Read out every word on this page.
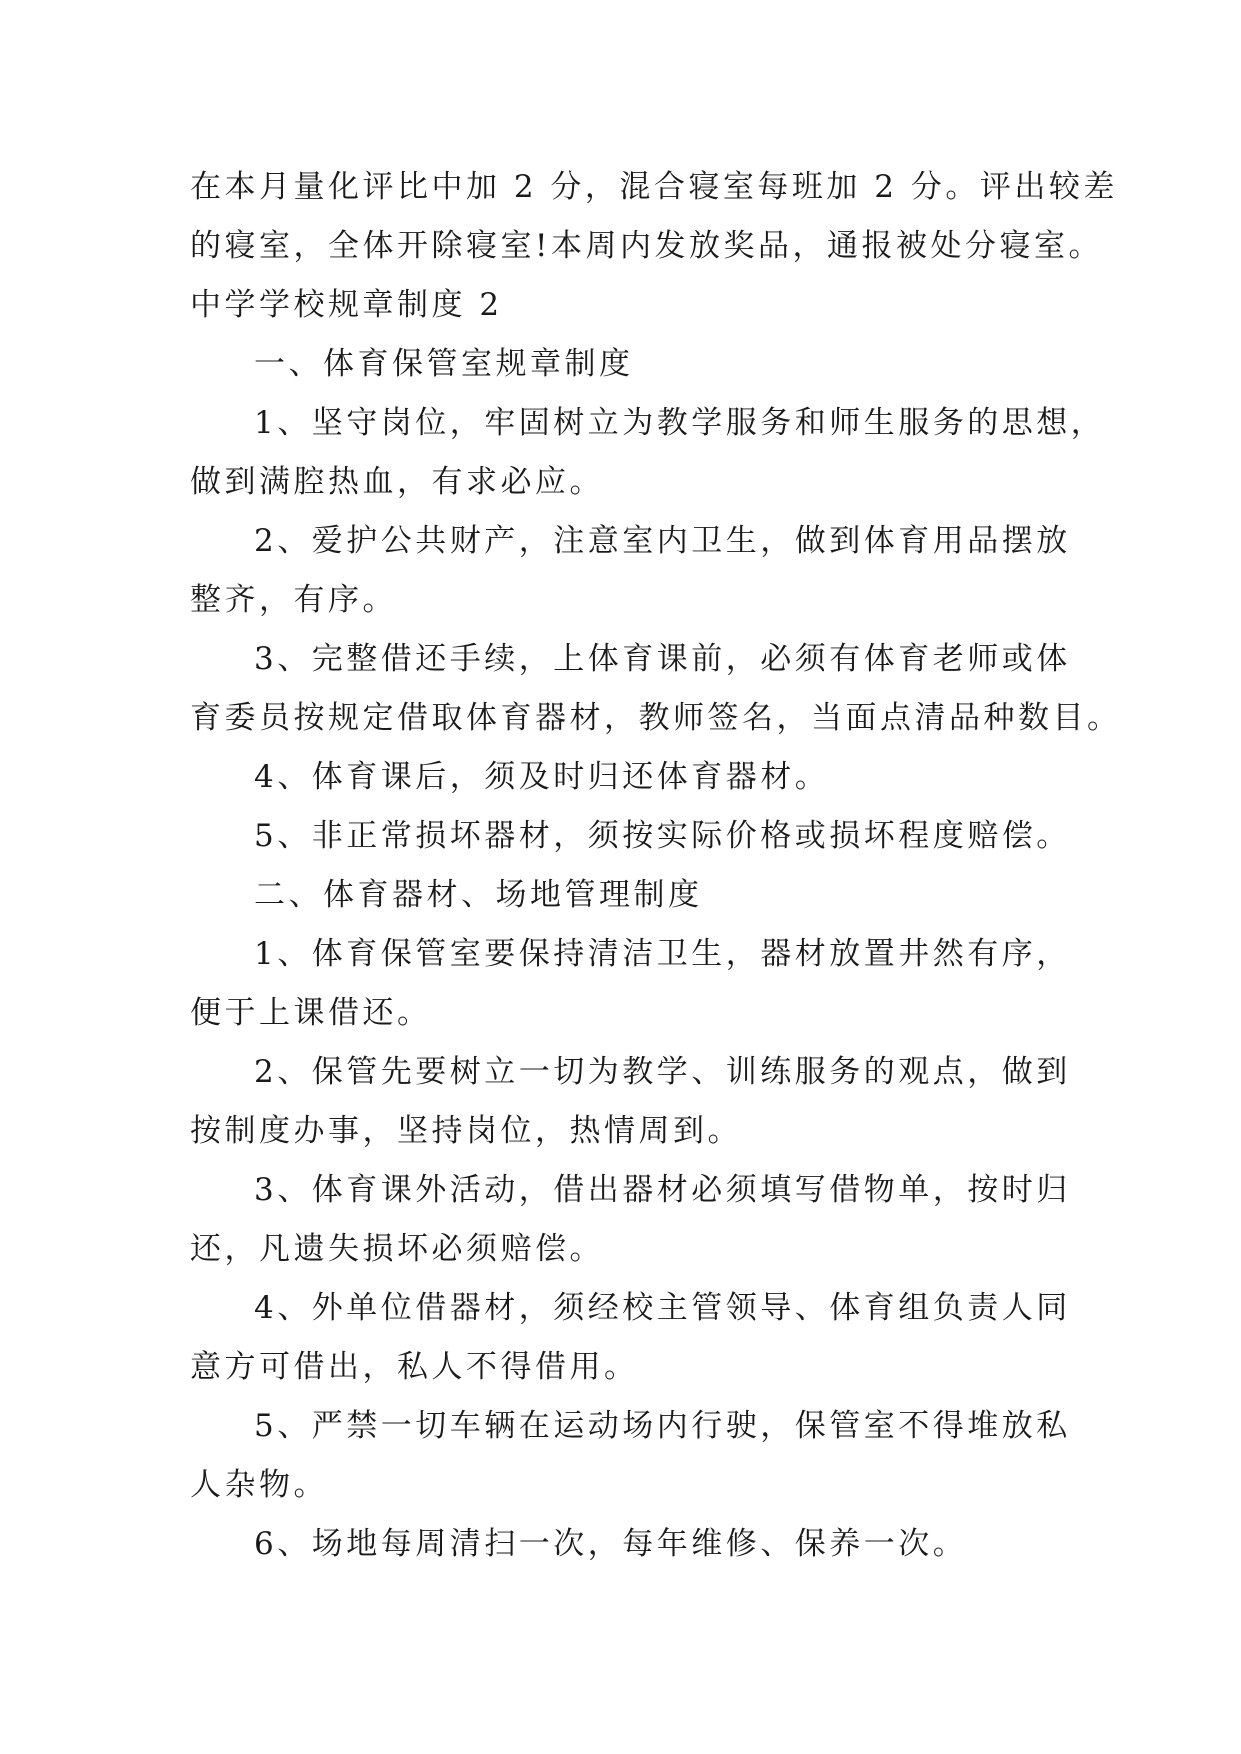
在本月量化评比中加 2 分，混合寝室每班加 2 分。评出较差
的寝室，全体开除寝室!本周内发放奖品，通报被处分寝室。
中学学校规章制度 2
一、体育保管室规章制度
1、坚守岗位，牢固树立为教学服务和师生服务的思想，
做到满腔热血，有求必应。
2、爱护公共财产，注意室内卫生，做到体育用品摆放
整齐，有序。
3、完整借还手续，上体育课前，必须有体育老师或体
育委员按规定借取体育器材，教师签名，当面点清品种数目。
4、体育课后，须及时归还体育器材。
5、非正常损坏器材，须按实际价格或损坏程度赔偿。
二、体育器材、场地管理制度
1、体育保管室要保持清洁卫生，器材放置井然有序，
便于上课借还。
2、保管先要树立一切为教学、训练服务的观点，做到
按制度办事，坚持岗位，热情周到。
3、体育课外活动，借出器材必须填写借物单，按时归
还，凡遗失损坏必须赔偿。
4、外单位借器材，须经校主管领导、体育组负责人同
意方可借出，私人不得借用。
5、严禁一切车辆在运动场内行驶，保管室不得堆放私
人杂物。
6、场地每周清扫一次，每年维修、保养一次。
